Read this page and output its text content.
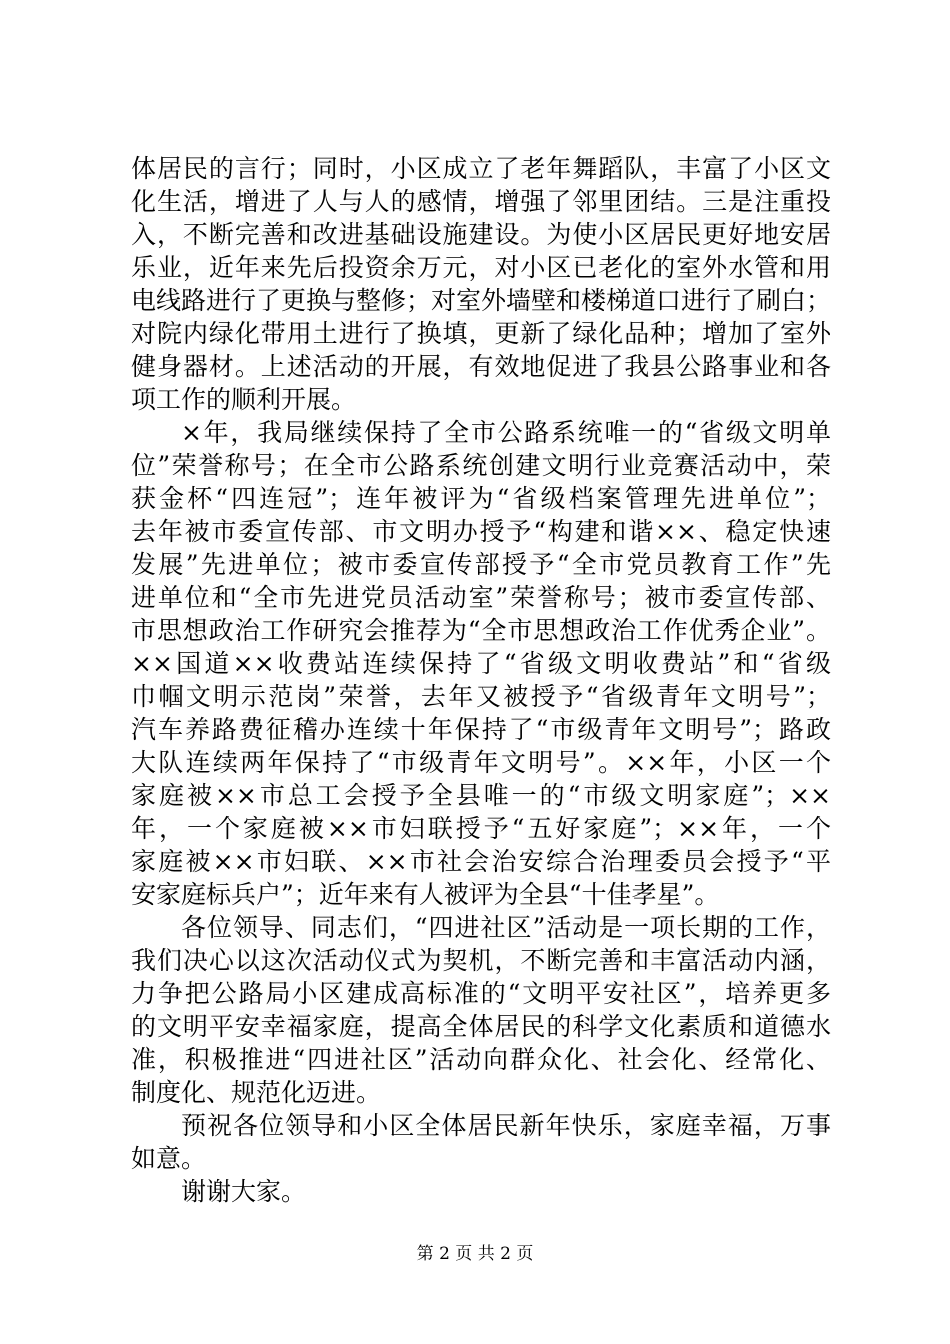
体居民的言行；同时，小区成立了老年舞蹈队，丰富了小区文
化生活，增进了人与人的感情，增强了邻里团结。三是注重投
入，不断完善和改进基础设施建设。为使小区居民更好地安居
乐业，近年来先后投资余万元，对小区已老化的室外水管和用
电线路进行了更换与整修；对室外墙壁和楼梯道口进行了刷白；
对院内绿化带用土进行了换填，更新了绿化品种；增加了室外
健身器材。上述活动的开展，有效地促进了我县公路事业和各
项工作的顺利开展。
×年，我局继续保持了全市公路系统唯一的“省级文明单
位”荣誉称号；在全市公路系统创建文明行业竞赛活动中，荣
获金杯“四连冠”；连年被评为“省级档案管理先进单位”；
去年被市委宣传部、市文明办授予“构建和谐××、稳定快速
发展”先进单位；被市委宣传部授予“全市党员教育工作”先
进单位和“全市先进党员活动室”荣誉称号；被市委宣传部、
市思想政治工作研究会推荐为“全市思想政治工作优秀企业”。
××国道××收费站连续保持了“省级文明收费站”和“省级
巾帼文明示范岗”荣誉，去年又被授予“省级青年文明号”；
汽车养路费征稽办连续十年保持了“市级青年文明号”；路政
大队连续两年保持了“市级青年文明号”。××年，小区一个
家庭被××市总工会授予全县唯一的“市级文明家庭”；××
年，一个家庭被××市妇联授予“五好家庭”；××年，一个
家庭被××市妇联、××市社会治安综合治理委员会授予“平
安家庭标兵户”；近年来有人被评为全县“十佳孝星”。
各位领导、同志们，“四进社区”活动是一项长期的工作，
我们决心以这次活动仪式为契机，不断完善和丰富活动内涵，
力争把公路局小区建成高标准的“文明平安社区”，培养更多
的文明平安幸福家庭，提高全体居民的科学文化素质和道德水
准，积极推进“四进社区”活动向群众化、社会化、经常化、
制度化、规范化迈进。
预祝各位领导和小区全体居民新年快乐，家庭幸福，万事
如意。
谢谢大家。
第 2 页 共 2 页
